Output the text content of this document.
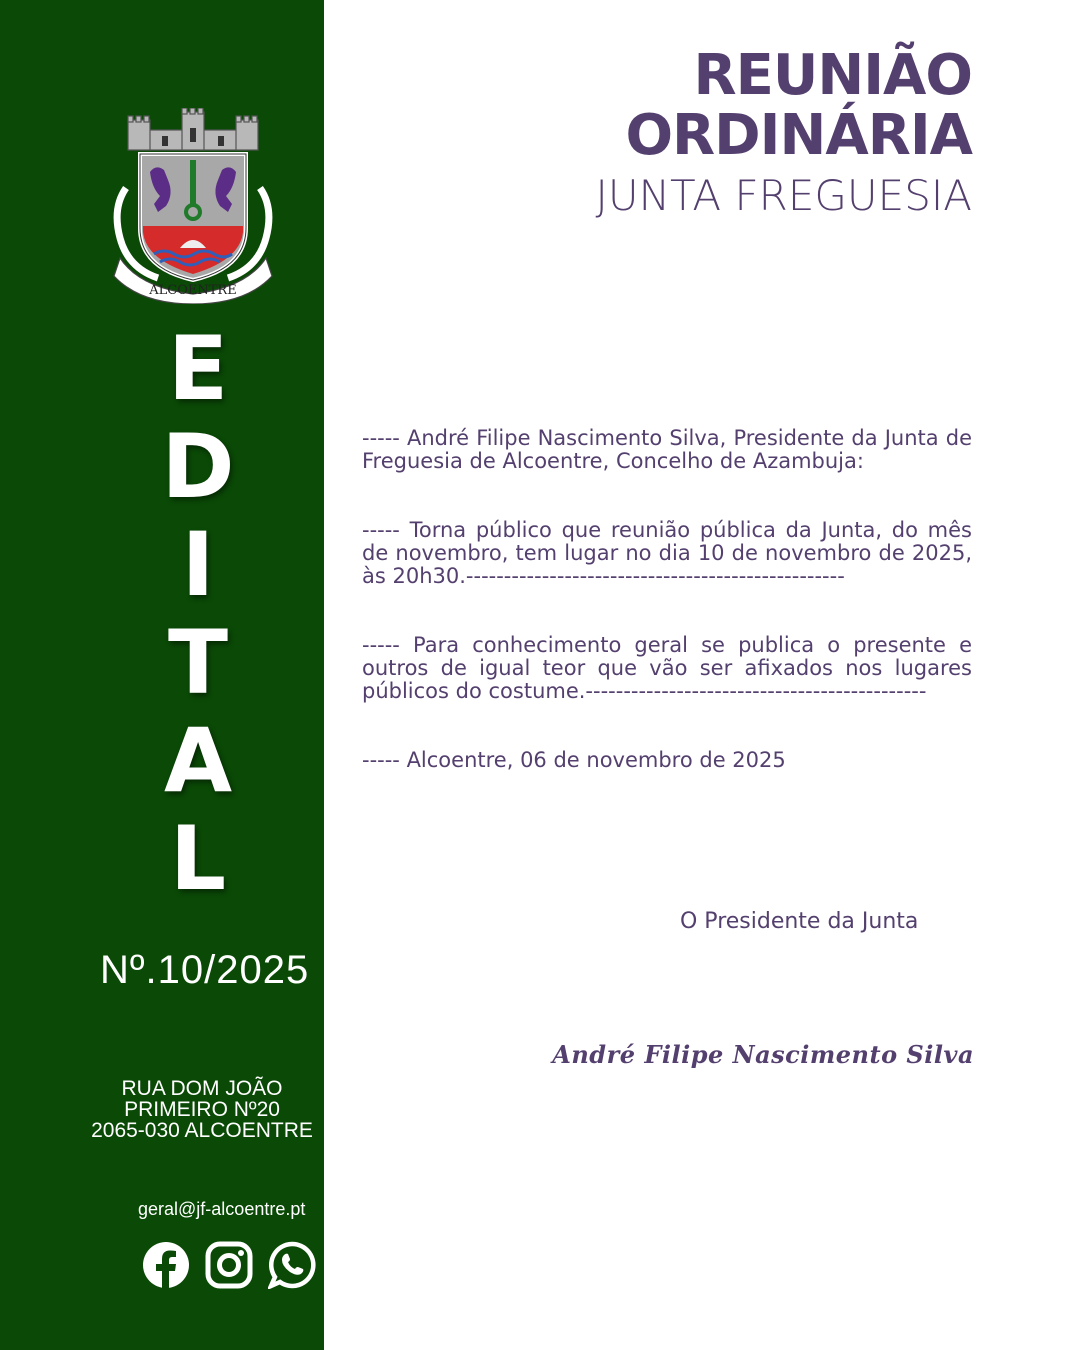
ALCOENTRE
E
D
I
T
A
L
Nº.10/2025
RUA DOM JOÃO
PRIMEIRO Nº20
2065-030 ALCOENTRE
geral@jf-alcoentre.pt
REUNIÃO
ORDINÁRIA
JUNTA FREGUESIA

----- André Filipe Nascimento Silva, Presidente da Junta de Freguesia de Alcoentre, Concelho de Azambuja:

----- Torna público que reunião pública da Junta, do mês de novembro, tem lugar no dia 10 de novembro de 2025, às 20h30.--------------------------------------------------

----- Para conhecimento geral se publica o presente e outros de igual teor que vão ser afixados nos lugares públicos do costume.---------------------------------------------

----- Alcoentre, 06 de novembro de 2025

O Presidente da Junta
André Filipe Nascimento Silva
